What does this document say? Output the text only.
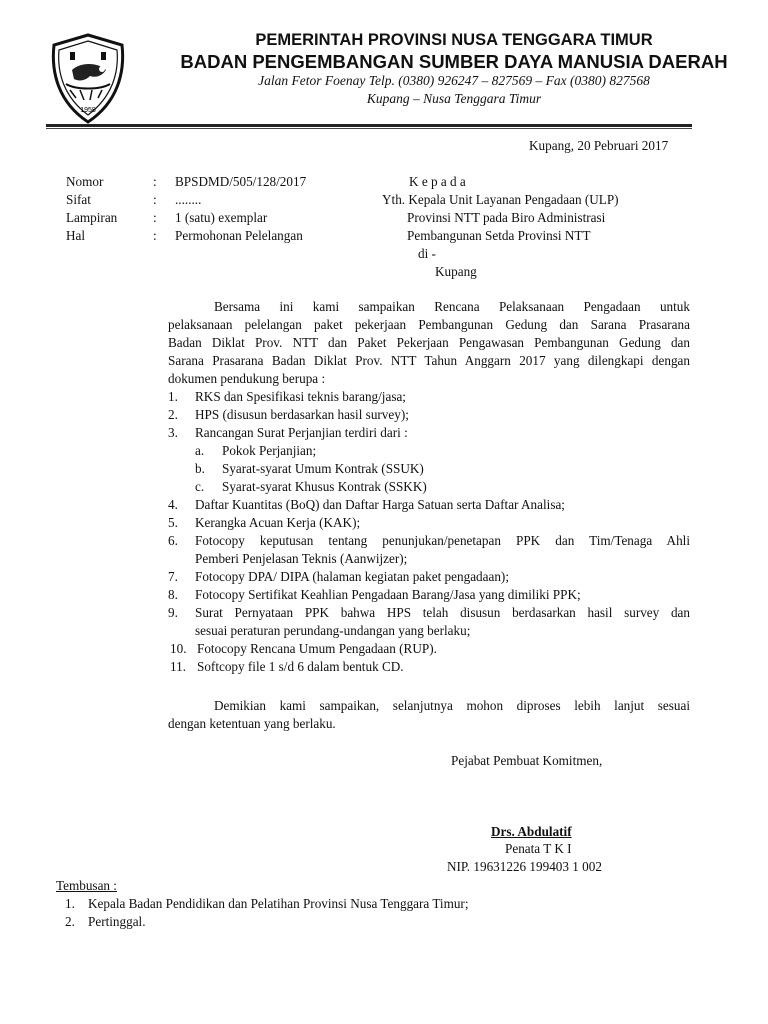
1958
PEMERINTAH PROVINSI NUSA TENGGARA TIMUR
BADAN PENGEMBANGAN SUMBER DAYA MANUSIA DAERAH
Jalan Fetor Foenay Telp. (0380) 926247 – 827569 – Fax (0380) 827568
Kupang – Nusa Tenggara Timur
Kupang, 20 Pebruari 2017
Nomor	: BPSDMD/505/128/2017
Sifat	: ........
Lampiran	: 1 (satu) exemplar
Hal	: Permohonan Pelelangan
K e p a d a
Yth. Kepala Unit Layanan Pengadaan (ULP)
Provinsi NTT pada Biro Administrasi
Pembangunan Setda Provinsi NTT
di -
Kupang
Bersama ini kami sampaikan Rencana Pelaksanaan Pengadaan untuk
pelaksanaan pelelangan paket pekerjaan Pembangunan Gedung dan Sarana Prasarana
Badan Diklat Prov. NTT dan Paket Pekerjaan Pengawasan Pembangunan Gedung dan
Sarana Prasarana Badan Diklat Prov. NTT Tahun Anggarn 2017 yang dilengkapi dengan
dokumen pendukung berupa :
1. RKS dan Spesifikasi teknis barang/jasa;
2. HPS (disusun berdasarkan hasil survey);
3. Rancangan Surat Perjanjian terdiri dari :
a. Pokok Perjanjian;
b. Syarat-syarat Umum Kontrak (SSUK)
c. Syarat-syarat Khusus Kontrak (SSKK)
4. Daftar Kuantitas (BoQ) dan Daftar Harga Satuan serta Daftar Analisa;
5. Kerangka Acuan Kerja (KAK);
6. Fotocopy keputusan tentang penunjukan/penetapan PPK dan Tim/Tenaga Ahli
Pemberi Penjelasan Teknis (Aanwijzer);
7. Fotocopy DPA/ DIPA (halaman kegiatan paket pengadaan);
8. Fotocopy Sertifikat Keahlian Pengadaan Barang/Jasa yang dimiliki PPK;
9. Surat Pernyataan PPK bahwa HPS telah disusun berdasarkan hasil survey dan
sesuai peraturan perundang-undangan yang berlaku;
10. Fotocopy Rencana Umum Pengadaan (RUP).
11. Softcopy file 1 s/d 6 dalam bentuk CD.
Demikian kami sampaikan, selanjutnya mohon diproses lebih lanjut sesuai
dengan ketentuan yang berlaku.
Pejabat Pembuat Komitmen,
Drs. Abdulatif
Penata T K I
NIP. 19631226 199403 1 002
Tembusan :
1. Kepala Badan Pendidikan dan Pelatihan Provinsi Nusa Tenggara Timur;
2. Pertinggal.
